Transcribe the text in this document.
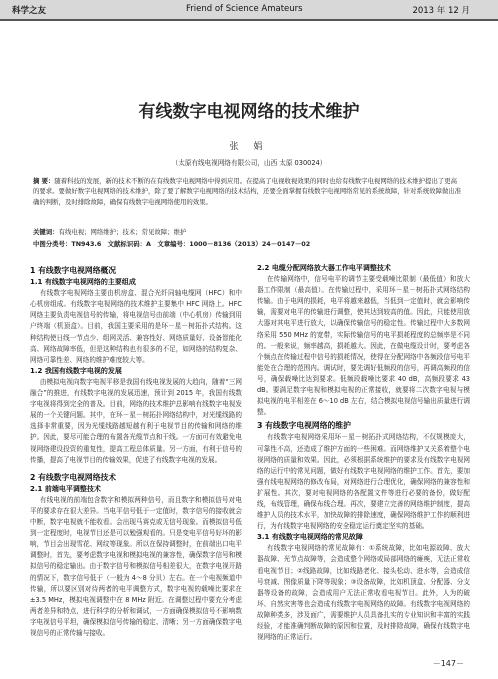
科学之友	Friend of Science Amateurs	2013 年 12 月
有线数字电视网络的技术维护
张 娟
（太原有线电视网络有限公司，山西 太原 030024）
摘 要：随着科技的发展，新的技术不断的在有线数字电视网络中得到应用。在提高了电视收视效果的同时也给有线数字电视网络的技术维护提出了更高的要求。要做好数字电视网络的技术维护，除了要了解数字电视网络的技术结构，还要全面掌握有线数字电视网络常见的系统故障，针对系统故障做出准确的判断，及时排除故障，确保有线数字电视网络使用的效果。
关键词：有线电视；网络维护；技术；常见故障；维护
中图分类号：TN943.6　文献标识码：A　文章编号：1000－8136（2013）24－0147－02
1 有线数字电视网络概况
1.1 有线数字电视网络的主要组成
有线数字电视网络主要由机房盒、混合光纤同轴电缆网（HFC）和中心机房组成。有线数字电视网络的技术维护主要集中 HFC 网络上。HFC 网络主要负责电视信号的传输，将电视信号由前端（中心机房）传输到用户终端（机顶盒）。目前，我国主要采用的是环－星－树拓扑式结构。这种结构使日线一节点少、组网灵活、兼容性好、网络质量好、设备智能化高、网络故障率低，但是这种结构也有很多的不足，如网络的结构复杂、网络可靠性差、网络的维护难度较大等。
1.2 我国有线数字电视的发展
由模拟电视向数字电视平移是我国有线电视发展的大趋向，随着“三网融合”的推进，有线数字电视的发展迅速，预计到 2015 年，我国有线数字电视将得到完全的普及。目前，网络的技术维护总影响有线数字电视发展的一个关键问题。其中，在环－星－树拓扑网络结构中，对光缆线路的选择非常重要，因为光缆线路越短越有利于电视节目的传输和网络的维护。因此，要尽可能合理的布置各光缆节点和干线。一方面可有效避免电视网络建设投资的重复性，提高工程总体质量。另一方面，有利于信号的传播，提高了电视节目的传输效果，促进了有线数字电视的发展。
2 有线数字电视网络技术
2.1 前端电平调整技术
有线电视的前端包含数字和模拟两种信号，而且数字和模拟信号对电平的要求存在很大差异。当电平信号低于一定值时，数字信号的接收就会中断，数字电视就不能收看。会出现马赛克或无信号现象。而模拟信号低到一定程度时，电视节目还是可以勉强观看的。只是变电平信号好坏的影响，节目会出现雪花、网纹等现象。所以在保持调整时，在前端出口电平调整时，首先，要考虑数字电视和模拟电视的兼容性，确保数字信号和模拟信号的稳定输出。由于数字信号和模拟信号相差很大，在数字电视开路的情况下，数字信号低于（一般为 4～8 分贝）左右。在一个电视频道中传输，所以要区别对待两者的电平调整方式，数字电视的载噪比要求在 ±3.5 MHz，模拟电视调整中在 8 MHz 附近。在调整过程中要充分考虑两者差异和特点，进行科学的分析和调试，一方面确保模拟信号不影响数字电视信号平坦，确保模拟信号传输的稳定、清晰；另一方面确保数字电视信号的正常传输与接收。
2.2 电缆分配网络放大器工作电平调整技术
在传输网络中，信号电平的调节主要受载噪比限制（最低值）和放大器工作限制（最高值）。在传输过程中，采用环－星－树拓扑式网络结构传输。由于电网的损耗，电平将越来越低，当低到一定值时，就会影响传输，需要对电平的传输进行调整，使其达到较高的值。因此，只能使用放大器对其电平进行放大，以确保传输信号的稳定性。传输过程中大多数网络采用 550 MHz 的宽带，实际传输信号的电平损耗程度的总频率是不同的。一般来说，频率越高，损耗越大。因此，在做电缆设计时，要考虑各个频点在传输过程中信号的损耗情况，使得在分配网络中各频段信号电平能处在合理的范围内。调试时，要先调好低频段的信号，再调高频段的信号，确保载噪比达到要求。低频段载噪比要求 40 dB，高频段要求 43 dB。要满足数字电视和模拟电视的正常接收，就要将二次数字电视与模拟电视的电平相差在 6～10 dB 左右，结合模拟电视信号输出质量进行调整。
3 有线数字电视网络的维护
有线数字电视网络采用环－星－树拓扑式网络结构，不仅规模庞大，可靠性不高，还造成了维护方面的一些困难。而网络维护又关系着整个电视网络的质量和效果。因此，必须根据系统维护的要求及有线数字电视网络的运行中的常见问题，做好有线数字电视网络的维护工作。首先，要加强有线电视网络的修改布局，对网络进行合理优化，确保网络的兼容性和扩展性。其次，要对电视网络的各配置文件等进行必要的备份，做好配线，布线管理，确保布线合理。再次，要建立完善的网络维护制度，提高维护人员的技术水平，加快故障的排除速度，确保网络维护工作的顺利进行，为有线数字电视网络的安全稳定运行奠定坚实的基础。
3.1 有线数字电视网络的常见故障
有线数字电视网络的常见故障有：①系统故障，比如电源故障、放大器故障、光节点故障等，会造成整个网络或局部网络的瘫痪，无法正常收看电视节目；②线路故障，比如线路老化、接头松动、进水等，会造成信号衰减、图像质量下降等现象；③设备故障，比如机顶盒、分配器、分支器等设备的故障，会造成用户无法正常收看电视节目。此外，人为的破坏、自然灾害等也会造成有线数字电视网络的故障。有线数字电视网络的故障种类多，涉及面广，需要维护人员具备扎实的专业知识和丰富的实践经验，才能准确判断故障的原因和位置，及时排除故障，确保有线数字电视网络的正常运行。
－147－
